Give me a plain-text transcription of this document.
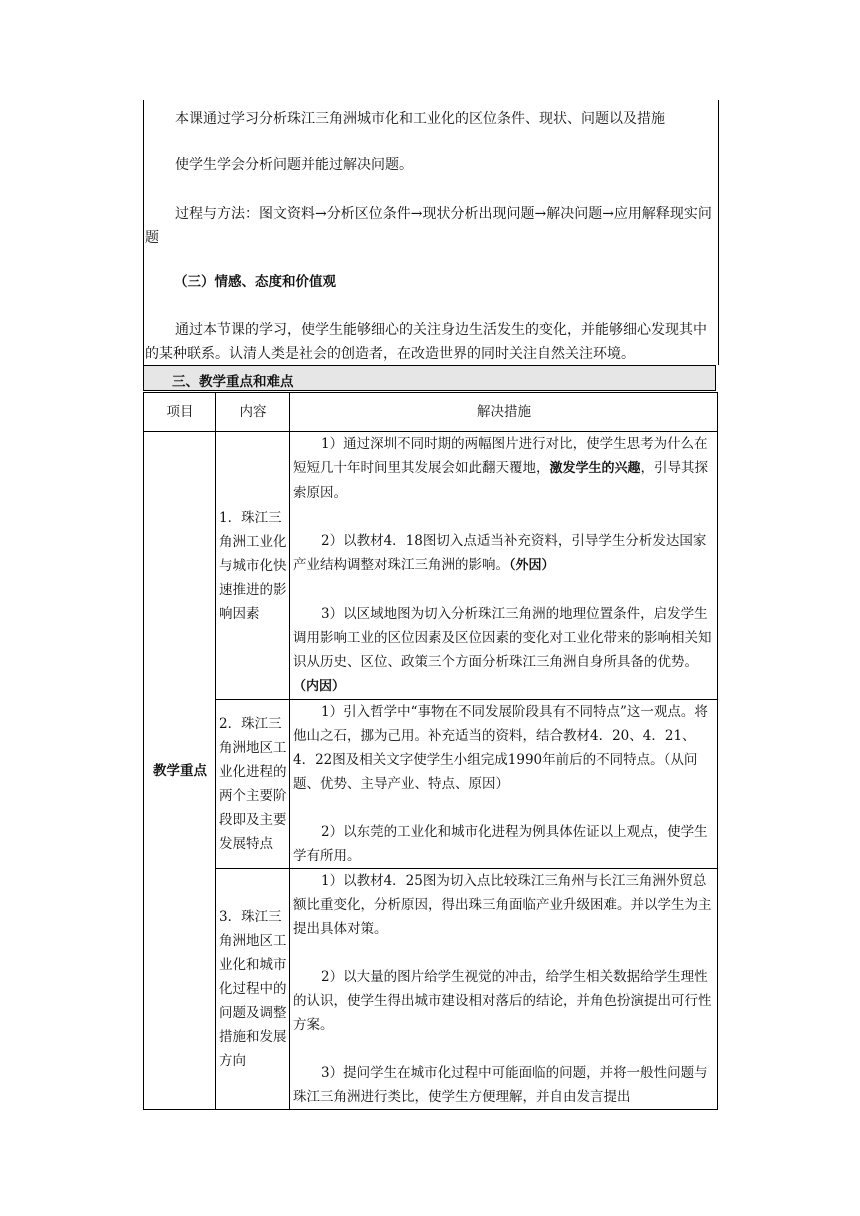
本课通过学习分析珠江三角洲城市化和工业化的区位条件、现状、问题以及措施
使学生学会分析问题并能过解决问题。
过程与方法：图文资料→分析区位条件→现状分析出现问题→解决问题→应用解释现实问题
（三）情感、态度和价值观
通过本节课的学习，使学生能够细心的关注身边生活发生的变化，并能够细心发现其中的某种联系。认清人类是社会的创造者，在改造世界的同时关注自然关注环境。
三、教学重点和难点
项目	内容	解决措施
教学重点	1．珠江三角洲工业化与城市化快速推进的影响因素	1）通过深圳不同时期的两幅图片进行对比，使学生思考为什么在短短几十年时间里其发展会如此翻天覆地，激发学生的兴趣，引导其探索原因。

2）以教材4．18图切入点适当补充资料，引导学生分析发达国家产业结构调整对珠江三角洲的影响。（外因）

3）以区域地图为切入分析珠江三角洲的地理位置条件，启发学生调用影响工业的区位因素及区位因素的变化对工业化带来的影响相关知识从历史、区位、政策三个方面分析珠江三角洲自身所具备的优势。（内因）

	2．珠江三角洲地区工业化进程的两个主要阶段即及主要发展特点	1）引入哲学中“事物在不同发展阶段具有不同特点”这一观点。将他山之石，挪为己用。补充适当的资料，结合教材4．20、4．21、4．22图及相关文字使学生小组完成1990年前后的不同特点。（从问题、优势、主导产业、特点、原因）

2）以东莞的工业化和城市化进程为例具体佐证以上观点，使学生学有所用。

	3．珠江三角洲地区工业化和城市化过程中的问题及调整措施和发展方向	1）以教材4．25图为切入点比较珠江三角州与长江三角洲外贸总额比重变化，分析原因，得出珠三角面临产业升级困难。并以学生为主提出具体对策。

2）以大量的图片给学生视觉的冲击，给学生相关数据给学生理性的认识，使学生得出城市建设相对落后的结论，并角色扮演提出可行性方案。

3）提问学生在城市化过程中可能面临的问题，并将一般性问题与珠江三角洲进行类比，使学生方便理解，并自由发言提出
